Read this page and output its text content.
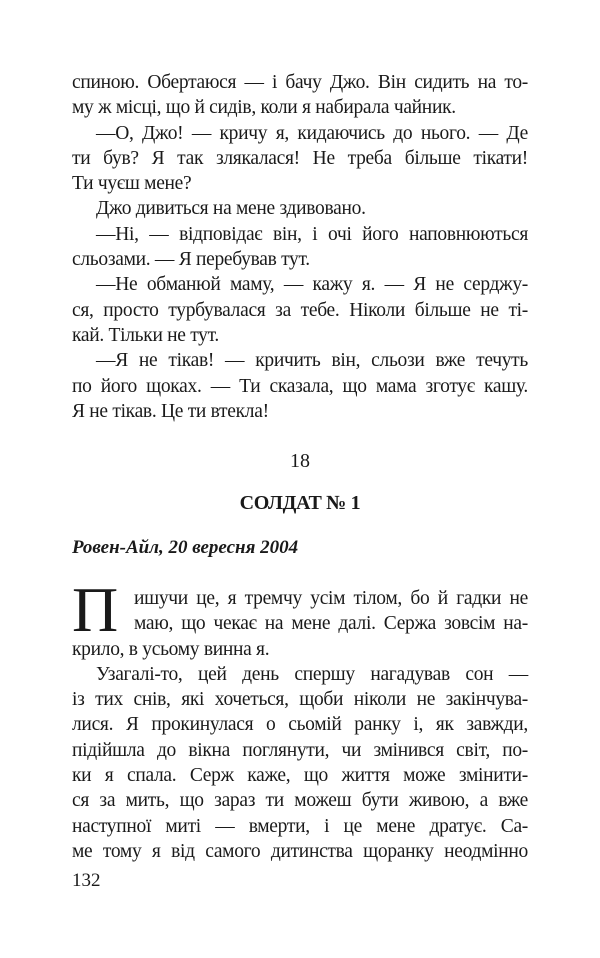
спиною. Обертаюся — і бачу Джо. Він сидить на то-
му ж місці, що й сидів, коли я набирала чайник.
—О, Джо! — кричу я, кидаючись до нього. — Де
ти був? Я так злякалася! Не треба більше тікати!
Ти чуєш мене?
Джо дивиться на мене здивовано.
—Ні, — відповідає він, і очі його наповнюються
сльозами. — Я перебував тут.
—Не обманюй маму, — кажу я. — Я не серджу-
ся, просто турбувалася за тебе. Ніколи більше не ті-
кай. Тільки не тут.
—Я не тікав! — кричить він, сльози вже течуть
по його щоках. — Ти сказала, що мама зготує кашу.
Я не тікав. Це ти втекла!
18
СОЛДАТ № 1
Ровен-Айл, 20 вересня 2004
П ишучи це, я тремчу усім тілом, бо й гадки не
маю, що чекає на мене далі. Сержа зовсім на-
крило, в усьому винна я.
Узагалі-то, цей день спершу нагадував сон —
із тих снів, які хочеться, щоби ніколи не закінчува-
лися. Я прокинулася о сьомій ранку і, як завжди,
підійшла до вікна поглянути, чи змінився світ, по-
ки я спала. Серж каже, що життя може змінити-
ся за мить, що зараз ти можеш бути живою, а вже
наступної миті — вмерти, і це мене дратує. Са-
ме тому я від самого дитинства щоранку неодмінно
132
